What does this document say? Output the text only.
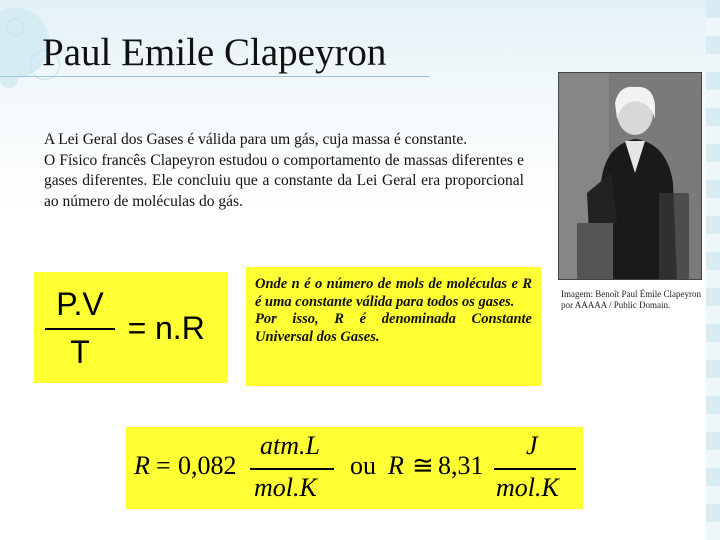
Paul Emile Clapeyron

A Lei Geral dos Gases é válida para um gás, cuja massa é constante.

O Físico francês Clapeyron estudou o comportamento de massas diferentes e gases diferentes. Ele concluiu que a constante da Lei Geral era proporcional ao número de moléculas do gás.

Imagem: Benoît Paul Émile Clapeyron por AAAAA / Public Domain.
P.V
T
= n.R

Onde n é o número de mols de moléculas e R é uma constante válida para todos os gases.

Por isso, R é denominada Constante Universal dos Gases.

R = 0,082
atm.L
mol.K
ou R ≅ 8,31
J
mol.K
